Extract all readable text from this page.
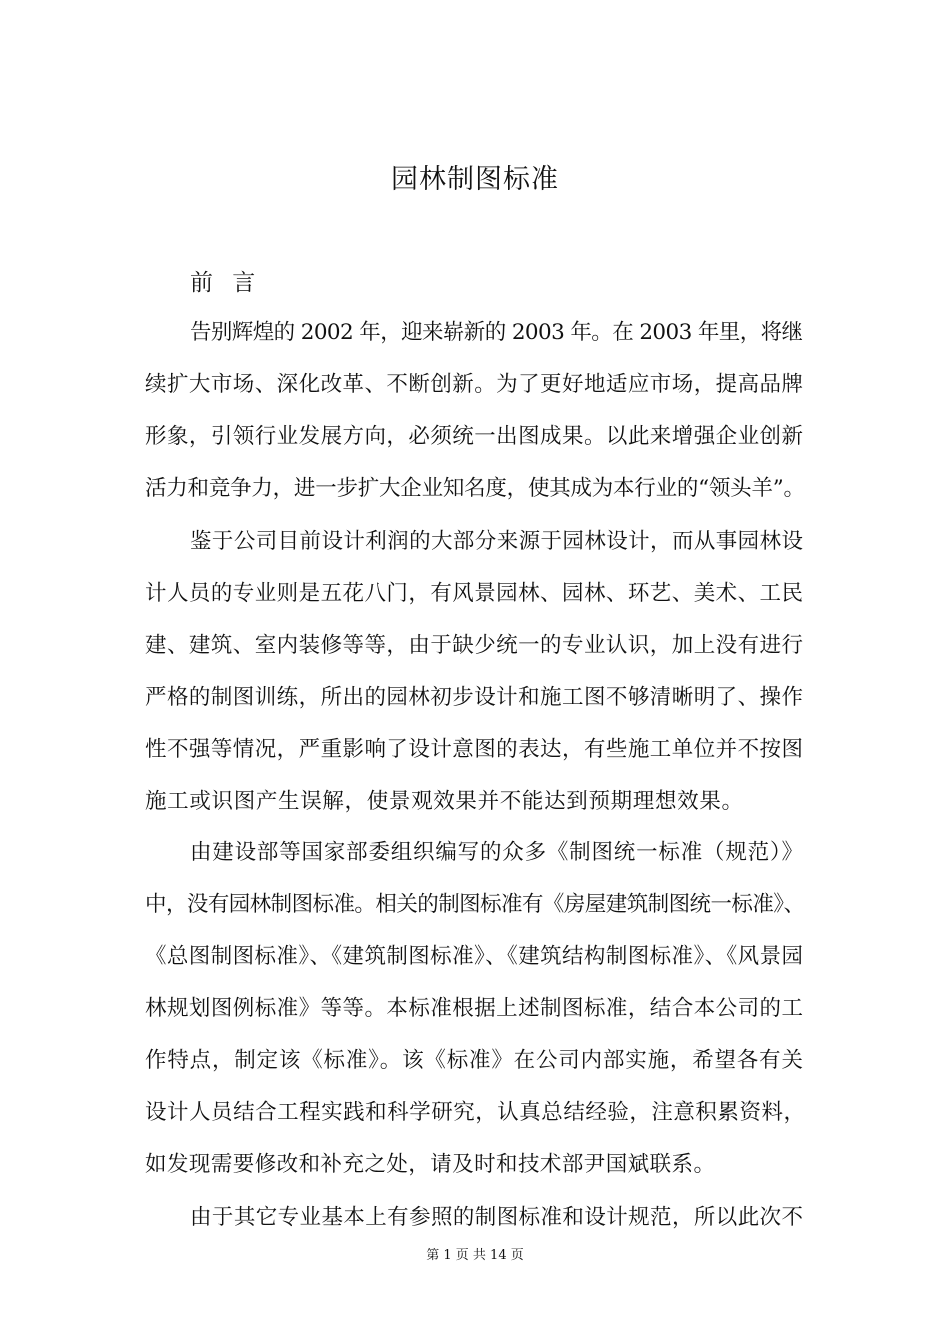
园林制图标准
前 言
告别辉煌的 2002 年，迎来崭新的 2003 年。在 2003 年里，将继
续扩大市场、深化改革、不断创新。为了更好地适应市场，提高品牌
形象，引领行业发展方向，必须统一出图成果。以此来增强企业创新
活力和竞争力，进一步扩大企业知名度，使其成为本行业的“领头羊”。
鉴于公司目前设计利润的大部分来源于园林设计，而从事园林设
计人员的专业则是五花八门，有风景园林、园林、环艺、美术、工民
建、建筑、室内装修等等，由于缺少统一的专业认识，加上没有进行
严格的制图训练，所出的园林初步设计和施工图不够清晰明了、操作
性不强等情况，严重影响了设计意图的表达，有些施工单位并不按图
施工或识图产生误解，使景观效果并不能达到预期理想效果。
由建设部等国家部委组织编写的众多《制图统一标准（规范）》
中，没有园林制图标准。相关的制图标准有《房屋建筑制图统一标准》、
《总图制图标准》、《建筑制图标准》、《建筑结构制图标准》、《风景园
林规划图例标准》等等。本标准根据上述制图标准，结合本公司的工
作特点，制定该《标准》。该《标准》在公司内部实施，希望各有关
设计人员结合工程实践和科学研究，认真总结经验，注意积累资料，
如发现需要修改和补充之处，请及时和技术部尹国斌联系。
由于其它专业基本上有参照的制图标准和设计规范，所以此次不
第 1 页 共 14 页
